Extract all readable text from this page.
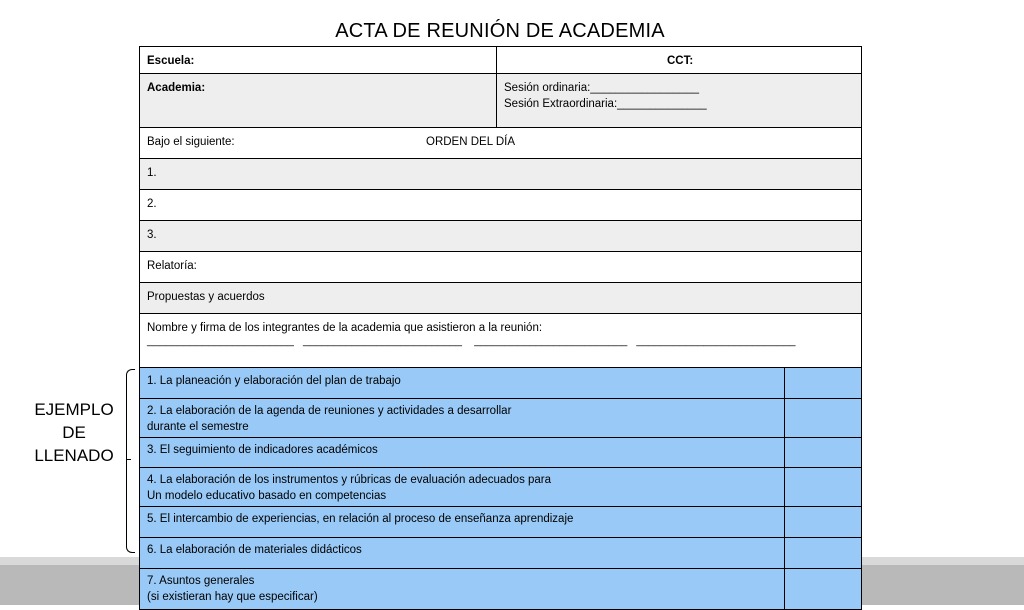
ACTA DE REUNIÓN DE ACADEMIA
EJEMPLO
DE
LLENADO
Escuela:	CCT:
Academia:	Sesión ordinaria:_________________
Sesión Extraordinaria:______________
Bajo el siguiente:	ORDEN DEL DÍA
1.
2.
3.
Relatoría:
Propuestas y acuerdos
Nombre y firma de los integrantes de la academia que asistieron a la reunión:
________________________   __________________________    _________________________   __________________________
1. La planeación y elaboración del plan de trabajo
2. La elaboración de la agenda de reuniones y actividades a desarrollar
durante el semestre
3. El seguimiento de indicadores académicos
4. La elaboración de los instrumentos y rúbricas de evaluación adecuados para
Un modelo educativo basado en competencias
5. El intercambio de experiencias, en relación al proceso de enseñanza aprendizaje
6. La elaboración de materiales didácticos
7. Asuntos generales
(si existieran hay que especificar)
